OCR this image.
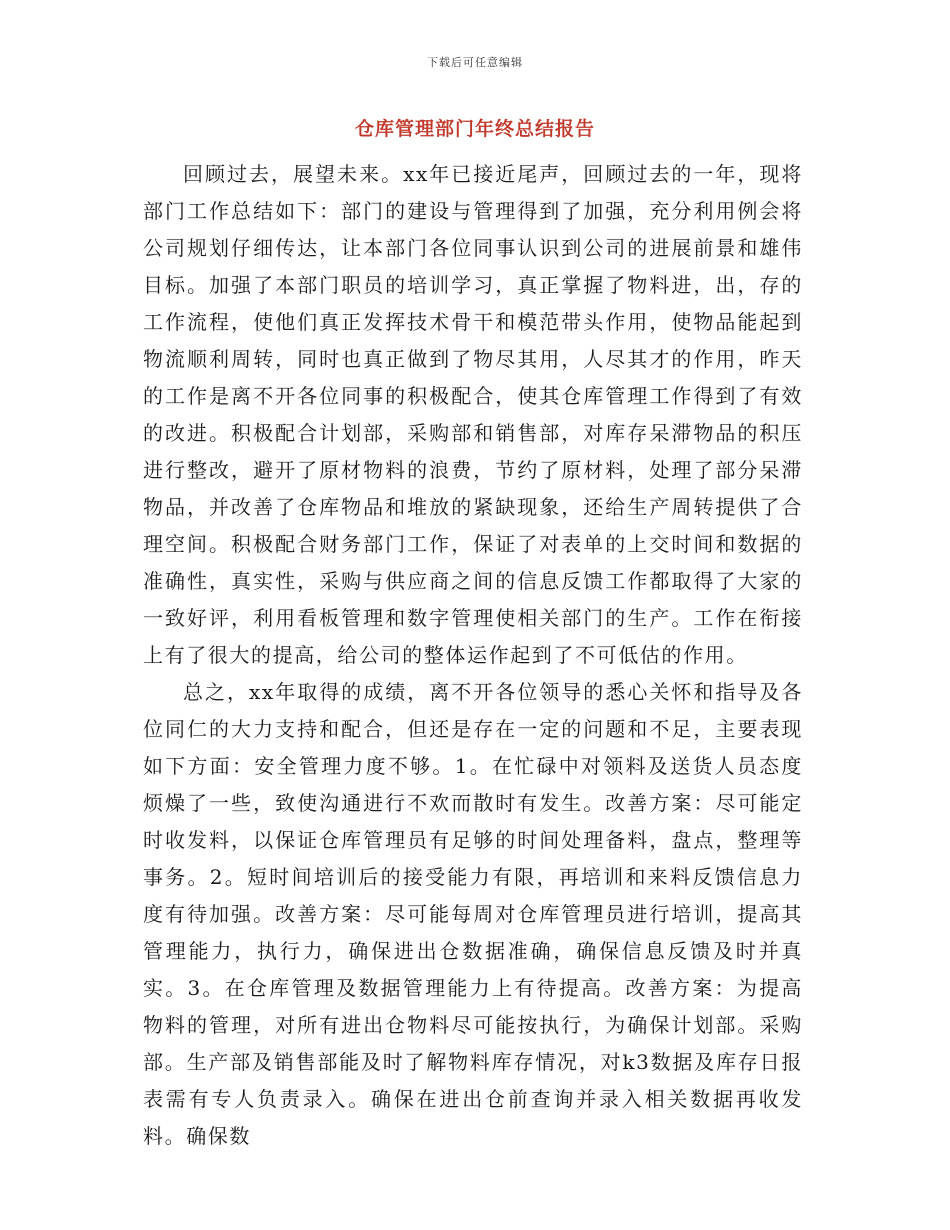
下载后可任意编辑
仓库管理部门年终总结报告

回顾过去，展望未来。xx年已接近尾声，回顾过去的一年，现将部门工作总结如下：部门的建设与管理得到了加强，充分利用例会将公司规划仔细传达，让本部门各位同事认识到公司的进展前景和雄伟目标。加强了本部门职员的培训学习，真正掌握了物料进，出，存的工作流程，使他们真正发挥技术骨干和模范带头作用，使物品能起到物流顺利周转，同时也真正做到了物尽其用，人尽其才的作用，昨天的工作是离不开各位同事的积极配合，使其仓库管理工作得到了有效的改进。积极配合计划部，采购部和销售部，对库存呆滞物品的积压进行整改，避开了原材物料的浪费，节约了原材料，处理了部分呆滞物品，并改善了仓库物品和堆放的紧缺现象，还给生产周转提供了合理空间。积极配合财务部门工作，保证了对表单的上交时间和数据的准确性，真实性，采购与供应商之间的信息反馈工作都取得了大家的一致好评，利用看板管理和数字管理使相关部门的生产。工作在衔接上有了很大的提高，给公司的整体运作起到了不可低估的作用。

总之，xx年取得的成绩，离不开各位领导的悉心关怀和指导及各位同仁的大力支持和配合，但还是存在一定的问题和不足，主要表现如下方面：安全管理力度不够。1。在忙碌中对领料及送货人员态度烦燥了一些，致使沟通进行不欢而散时有发生。改善方案：尽可能定时收发料，以保证仓库管理员有足够的时间处理备料，盘点，整理等事务。2。短时间培训后的接受能力有限，再培训和来料反馈信息力度有待加强。改善方案：尽可能每周对仓库管理员进行培训，提高其管理能力，执行力，确保进出仓数据准确，确保信息反馈及时并真实。3。在仓库管理及数据管理能力上有待提高。改善方案：为提高物料的管理，对所有进出仓物料尽可能按执行，为确保计划部。采购部。生产部及销售部能及时了解物料库存情况，对k3数据及库存日报表需有专人负责录入。确保在进出仓前查询并录入相关数据再收发料。确保数
